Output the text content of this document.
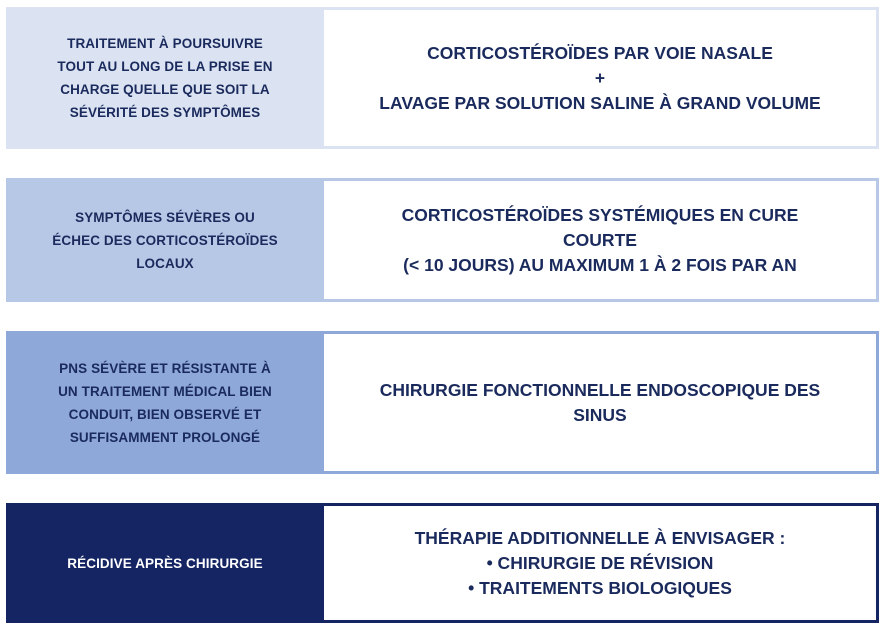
TRAITEMENT À POURSUIVRE
TOUT AU LONG DE LA PRISE EN
CHARGE QUELLE QUE SOIT LA
SÉVÉRITÉ DES SYMPTÔMES
CORTICOSTÉROÏDES PAR VOIE NASALE
+
LAVAGE PAR SOLUTION SALINE À GRAND VOLUME
SYMPTÔMES SÉVÈRES OU
ÉCHEC DES CORTICOSTÉROÏDES
LOCAUX
CORTICOSTÉROÏDES SYSTÉMIQUES EN CURE
COURTE
(< 10 JOURS) AU MAXIMUM 1 À 2 FOIS PAR AN
PNS SÉVÈRE ET RÉSISTANTE À
UN TRAITEMENT MÉDICAL BIEN
CONDUIT, BIEN OBSERVÉ ET
SUFFISAMMENT PROLONGÉ
CHIRURGIE FONCTIONNELLE ENDOSCOPIQUE DES
SINUS
RÉCIDIVE APRÈS CHIRURGIE
THÉRAPIE ADDITIONNELLE À ENVISAGER :
• CHIRURGIE DE RÉVISION
• TRAITEMENTS BIOLOGIQUES
